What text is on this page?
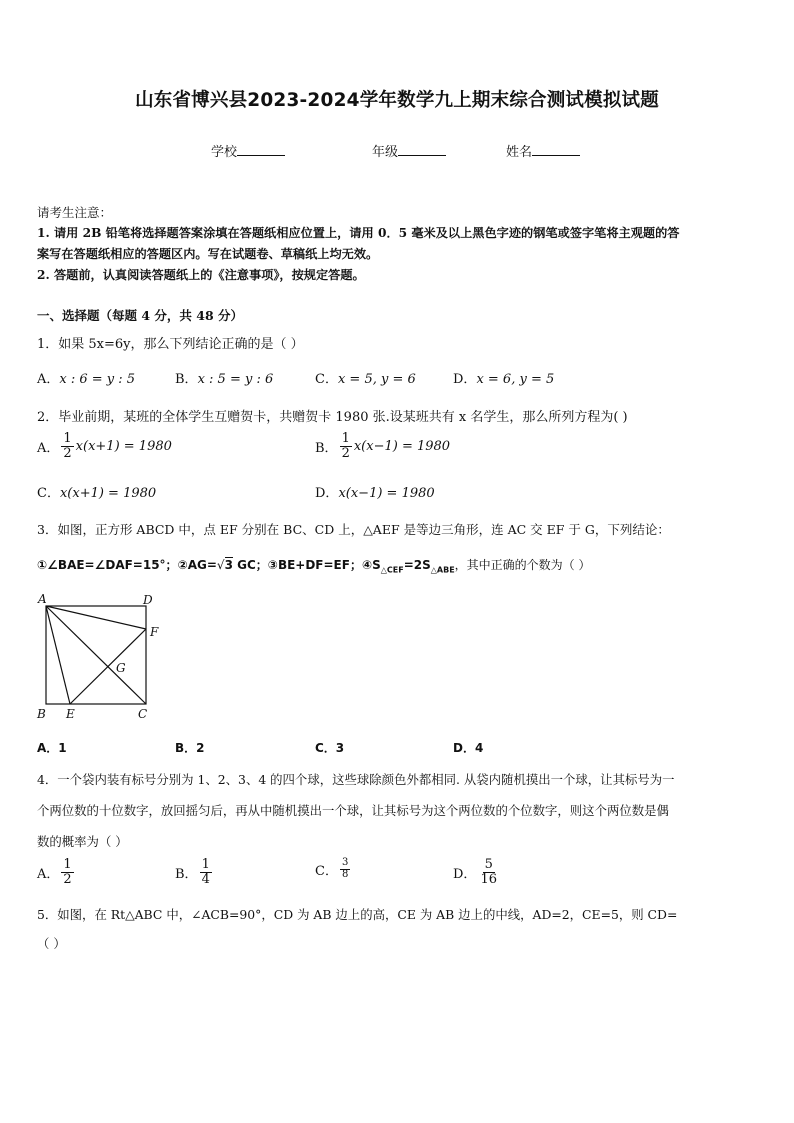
山东省博兴县2023-2024学年数学九上期末综合测试模拟试题
学校	年级	姓名
请考生注意：
1. 请用 2B 铅笔将选择题答案涂填在答题纸相应位置上，请用 0．5 毫米及以上黑色字迹的钢笔或签字笔将主观题的答
案写在答题纸相应的答题区内。写在试题卷、草稿纸上均无效。
2. 答题前，认真阅读答题纸上的《注意事项》，按规定答题。
一、选择题（每题 4 分，共 48 分）
1．如果 5x=6y，那么下列结论正确的是（ ）
A．x : 6 = y : 5	B．x : 5 = y : 6	C．x = 5, y = 6	D．x = 6, y = 5
2．毕业前期，某班的全体学生互赠贺卡，共赠贺卡 1980 张.设某班共有 x 名学生，那么所列方程为( )
A． $\frac{1}{2} x(x+1) = 1980$	B． $\frac{1}{2} x(x-1) = 1980$
C．x(x+1) = 1980	D．x(x−1) = 1980
3．如图，正方形 ABCD 中，点 EF 分别在 BC、CD 上，△AEF 是等边三角形，连 AC 交 EF 于 G，下列结论：
①∠BAE=∠DAF=15°；②AG=√3 GC；③BE+DF=EF；$④S_{\triangle CEF}=2S_{\triangle ABE}$，其中正确的个数为（ ）
A	D
F
G
B E	C
A．1	B．2	C．3	D．4
4．一个袋内装有标号分别为 1、2、3、4 的四个球，这些球除颜色外都相同. 从袋内随机摸出一个球，让其标号为一
个两位数的十位数字，放回摇匀后，再从中随机摸出一个球，让其标号为这个两位数的个位数字，则这个两位数是偶
数的概率为（ ）
A． $\frac{1}{2}$	B． $\frac{1}{4}$	C． $\frac{3}{8}$	D． $\frac{5}{16}$
5．如图，在 Rt△ABC 中，∠ACB=90°，CD 为 AB 边上的高，CE 为 AB 边上的中线，AD=2，CE=5，则 CD=
（ ）
